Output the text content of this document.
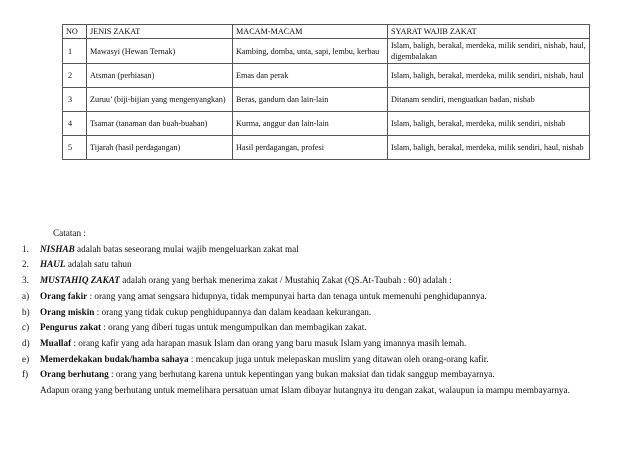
NO	JENIS ZAKAT	MACAM-MACAM	SYARAT WAJIB ZAKAT
1	Mawasyi (Hewan Ternak)	Kambing, domba, unta, sapi, lembu, kerbau	Islam, baligh, berakal, merdeka, milik sendiri, nishab, haul, digembalakan
2	Atsman (perhiasan)	Emas dan perak	Islam, baligh, berakal, merdeka, milik sendiri, nishab, haul
3	Zuruu’ (biji-bijian yang mengenyangkan)	Beras, gandum dan lain-lain	Ditanam sendiri, menguatkan badan, nishab
4	Tsamar (tanaman dan buah-buahan)	Kurma, anggur dan lain-lain	Islam, baligh, berakal, merdeka, milik sendiri, nishab
5	Tijarah (hasil perdagangan)	Hasil perdagangan, profesi	Islam, baligh, berakal, merdeka, milik sendiri, haul, nishab
Catatan :
1.	NISHAB adalah batas seseorang mulai wajib mengeluarkan zakat mal
2.	HAUL adalah satu tahun
3.	MUSTAHIQ ZAKAT adalah orang yang berhak menerima zakat / Mustahiq Zakat (QS.At-Taubah : 60) adalah :
a)	Orang fakir : orang yang amat sengsara hidupnya, tidak mempunyai harta dan tenaga untuk memenuhi penghidupannya.
b)	Orang miskin : orang yang tidak cukup penghidupannya dan dalam keadaan kekurangan.
c)	Pengurus zakat : orang yang diberi tugas untuk mengumpulkan dan membagikan zakat.
d)	Muallaf : orang kafir yang ada harapan masuk Islam dan orang yang baru masuk Islam yang imannya masih lemah.
e)	Memerdekakan budak/hamba sahaya : mencakup juga untuk melepaskan muslim yang ditawan oleh orang-orang kafir.
f)	Orang berhutang : orang yang berhutang karena untuk kepentingan yang bukan maksiat dan tidak sanggup membayarnya.
Adapun orang yang berhutang untuk memelihara persatuan umat Islam dibayar hutangnya itu dengan zakat, walaupun ia mampu membayarnya.
